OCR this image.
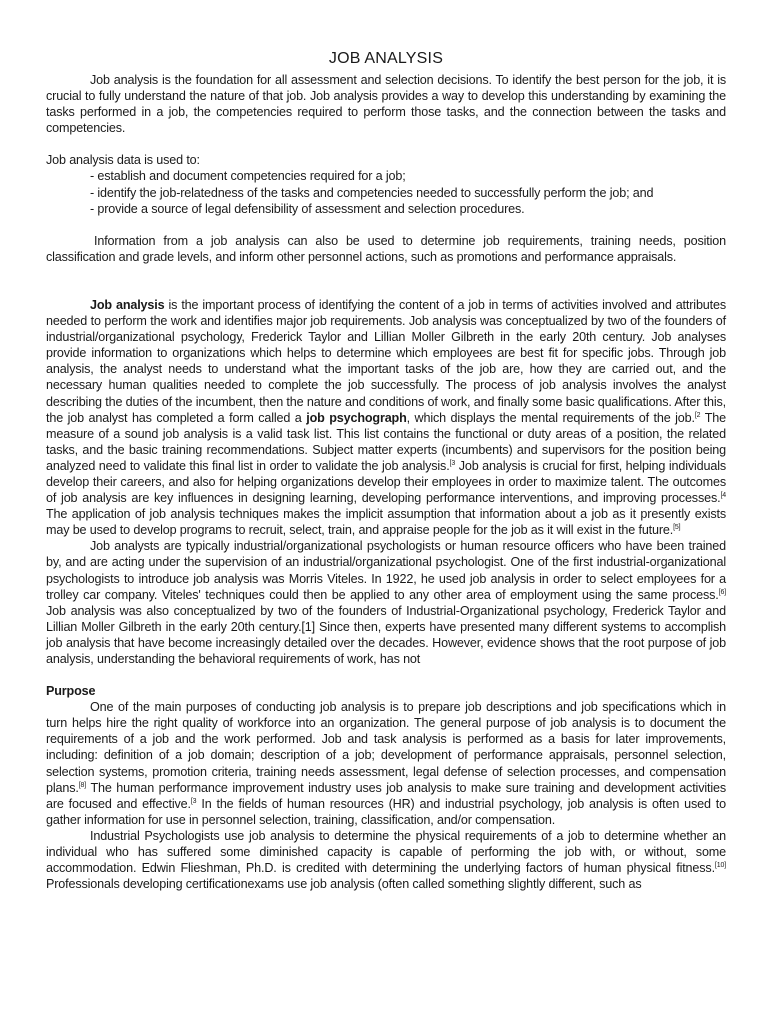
JOB ANALYSIS

Job analysis is the foundation for all assessment and selection decisions. To identify the best person for the job, it is crucial to fully understand the nature of that job. Job analysis provides a way to develop this understanding by examining the tasks performed in a job, the competencies required to perform those tasks, and the connection between the tasks and competencies.

Job analysis data is used to:

- establish and document competencies required for a job;
- identify the job-relatedness of the tasks and competencies needed to successfully perform the job; and
- provide a source of legal defensibility of assessment and selection procedures.

Information from a job analysis can also be used to determine job requirements, training needs, position classification and grade levels, and inform other personnel actions, such as promotions and performance appraisals.

Job analysis is the important process of identifying the content of a job in terms of activities involved and attributes needed to perform the work and identifies major job requirements. Job analysis was conceptualized by two of the founders of industrial/organizational psychology, Frederick Taylor and Lillian Moller Gilbreth in the early 20th century. Job analyses provide information to organizations which helps to determine which employees are best fit for specific jobs. Through job analysis, the analyst needs to understand what the important tasks of the job are, how they are carried out, and the necessary human qualities needed to complete the job successfully. The process of job analysis involves the analyst describing the duties of the incumbent, then the nature and conditions of work, and finally some basic qualifications. After this, the job analyst has completed a form called a job psychograph, which displays the mental requirements of the job.$^{[2}$ The measure of a sound job analysis is a valid task list. This list contains the functional or duty areas of a position, the related tasks, and the basic training recommendations. Subject matter experts (incumbents) and supervisors for the position being analyzed need to validate this final list in order to validate the job analysis.$^{[3}$ Job analysis is crucial for first, helping individuals develop their careers, and also for helping organizations develop their employees in order to maximize talent. The outcomes of job analysis are key influences in designing learning, developing performance interventions, and improving processes.$^{[4}$ The application of job analysis techniques makes the implicit assumption that information about a job as it presently exists may be used to develop programs to recruit, select, train, and appraise people for the job as it will exist in the future.[5]

Job analysts are typically industrial/organizational psychologists or human resource officers who have been trained by, and are acting under the supervision of an industrial/organizational psychologist. One of the first industrial-organizational psychologists to introduce job analysis was Morris Viteles. In 1922, he used job analysis in order to select employees for a trolley car company. Viteles' techniques could then be applied to any other area of employment using the same process.[6] Job analysis was also conceptualized by two of the founders of Industrial-Organizational psychology, Frederick Taylor and Lillian Moller Gilbreth in the early 20th century.[1] Since then, experts have presented many different systems to accomplish job analysis that have become increasingly detailed over the decades. However, evidence shows that the root purpose of job analysis, understanding the behavioral requirements of work, has not

Purpose

One of the main purposes of conducting job analysis is to prepare job descriptions and job specifications which in turn helps hire the right quality of workforce into an organization. The general purpose of job analysis is to document the requirements of a job and the work performed. Job and task analysis is performed as a basis for later improvements, including: definition of a job domain; description of a job; development of performance appraisals, personnel selection, selection systems, promotion criteria, training needs assessment, legal defense of selection processes, and compensation plans.[8] The human performance improvement industry uses job analysis to make sure training and development activities are focused and effective.$^{[3}$ In the fields of human resources (HR) and industrial psychology, job analysis is often used to gather information for use in personnel selection, training, classification, and/or compensation.

Industrial Psychologists use job analysis to determine the physical requirements of a job to determine whether an individual who has suffered some diminished capacity is capable of performing the job with, or without, some accommodation. Edwin Flieshman, Ph.D. is credited with determining the underlying factors of human physical fitness.[10] Professionals developing certificationexams use job analysis (often called something slightly different, such as
